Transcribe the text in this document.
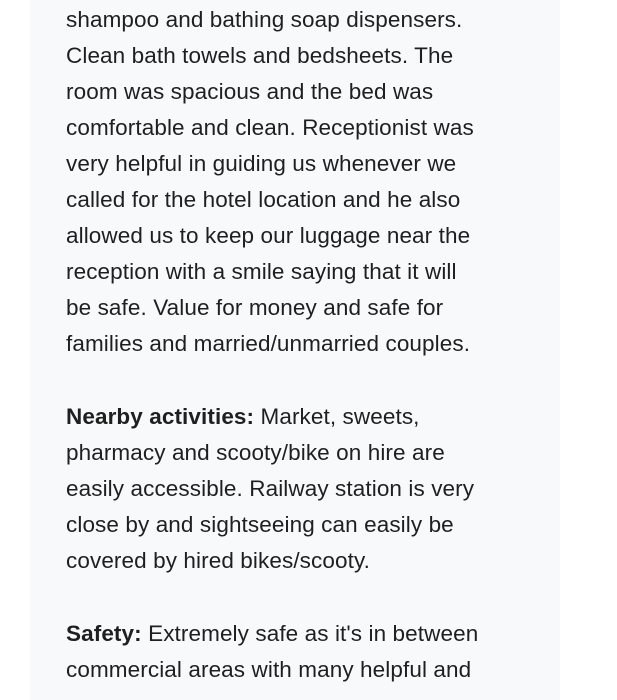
shampoo and bathing soap dispensers.
Clean bath towels and bedsheets. The
room was spacious and the bed was
comfortable and clean. Receptionist was
very helpful in guiding us whenever we
called for the hotel location and he also
allowed us to keep our luggage near the
reception with a smile saying that it will
be safe. Value for money and safe for
families and married/unmarried couples.

Nearby activities: Market, sweets,
pharmacy and scooty/bike on hire are
easily accessible. Railway station is very
close by and sightseeing can easily be
covered by hired bikes/scooty.

Safety: Extremely safe as it's in between
commercial areas with many helpful and
